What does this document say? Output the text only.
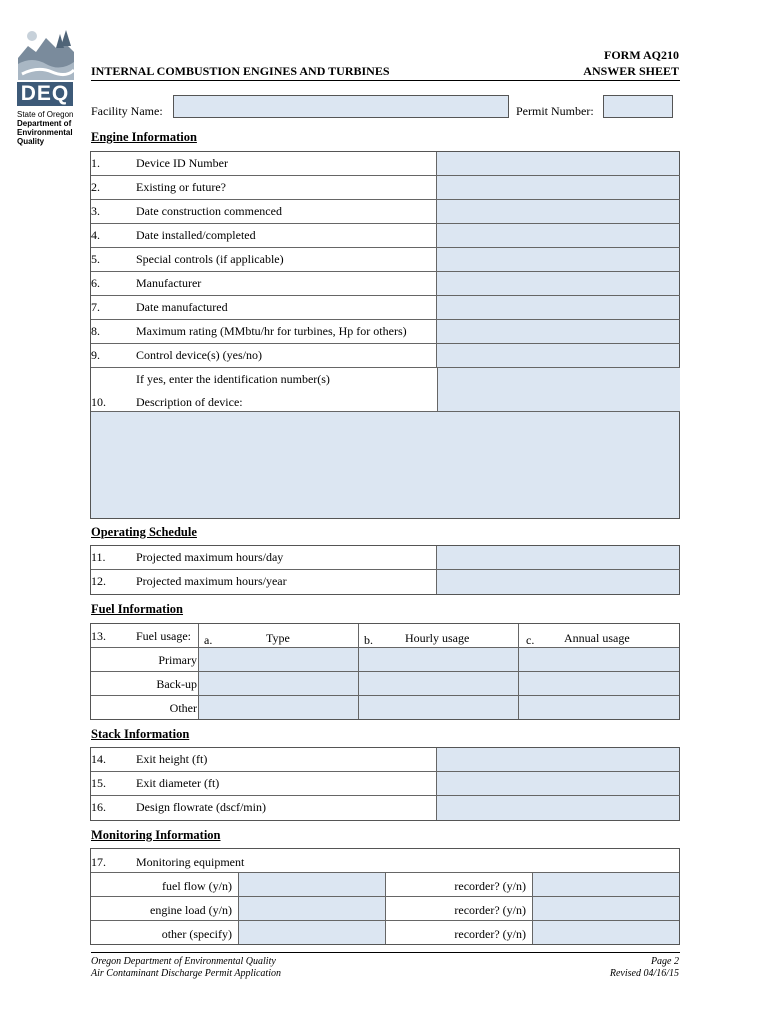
DEQ
State of Oregon
Department of
Environmental
Quality
INTERNAL COMBUSTION ENGINES AND TURBINES
FORM AQ210
ANSWER SHEET
Facility Name:	Permit Number:
Engine Information
1.	Device ID Number
2.	Existing or future?
3.	Date construction commenced
4.	Date installed/completed
5.	Special controls (if applicable)
6.	Manufacturer
7.	Date manufactured
8.	Maximum rating (MMbtu/hr for turbines, Hp for others)
9.	Control device(s) (yes/no)
If yes, enter the identification number(s)
10.	Description of device:
Operating Schedule
11.	Projected maximum hours/day
12.	Projected maximum hours/year
Fuel Information
13.	Fuel usage: a.	Type	b.	Hourly usage	c. Annual usage
Primary
Back-up
Other
Stack Information
14.	Exit height (ft)
15.	Exit diameter (ft)
16.	Design flowrate (dscf/min)
Monitoring Information
17.	Monitoring equipment
fuel flow (y/n)	recorder? (y/n)
engine load (y/n)	recorder? (y/n)
other (specify)	recorder? (y/n)
Oregon Department of Environmental Quality
Air Contaminant Discharge Permit Application
Page 2
Revised 04/16/15
